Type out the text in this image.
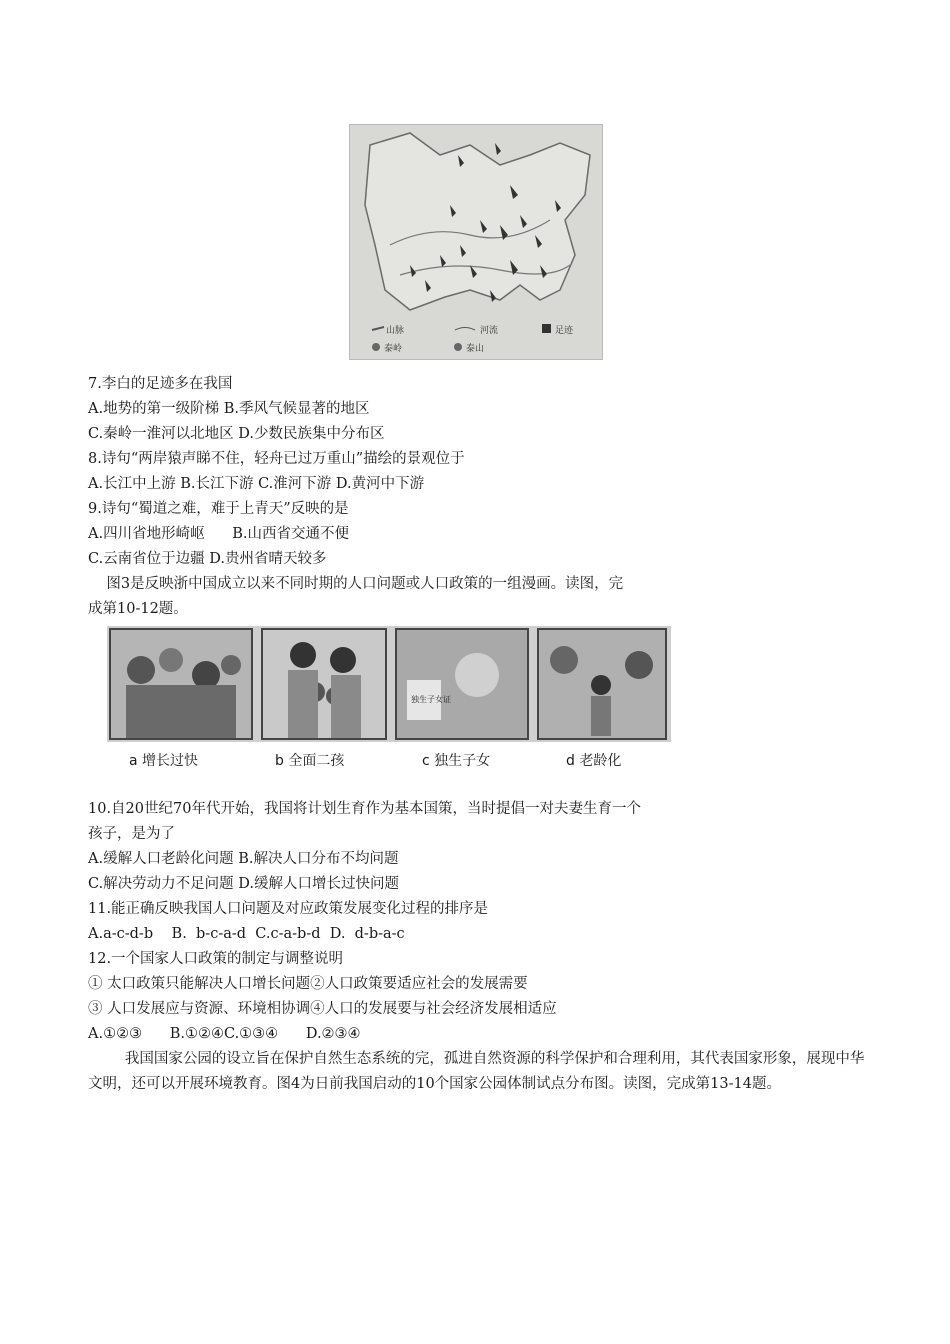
山脉	河流	足迹
泰岭	泰山
7.李白的足迹多在我国
A.地势的第一级阶梯 B.季风气候显著的地区
C.秦岭一淮河以北地区 D.少数民族集中分布区
8.诗句“两岸猿声睇不住，轻舟已过万重山”描绘的景观位于
A.长江中上游 B.长江下游 C.淮河下游 D.黄河中下游
9.诗句“蜀道之难，难于上青天”反映的是
A.四川省地形崎岖      B.山西省交通不便
C.云南省位于边疆 D.贵州省晴天较多
图3是反映浙中国成立以来不同时期的人口问题或人口政策的一组漫画。读图，完
成第10-12题。
独生子女证
a 增长过快	b 全面二孩	c 独生子女	d 老龄化
10.自20世纪70年代开始，我国将计划生育作为基本国策，当时提倡一对夫妻生育一个
孩子，是为了
A.缓解人口老龄化问题 B.解决人口分布不均问题
C.解决劳动力不足问题 D.缓解人口增长过快问题
11.能正确反映我国人口问题及对应政策发展变化过程的排序是
A.a-c-d-b    B.  b-c-a-d  C.c-a-b-d  D.  d-b-a-c
12.一个国家人口政策的制定与调整说明
① 太口政策只能解决人口增长问题②人口政策要适应社会的发展需要
③ 人口发展应与资源、环境相协调④人口的发展要与社会经济发展相适应
A.①②③      B.①②④C.①③④      D.②③④
我国国家公园的设立旨在保护自然生态系统的完，孤进自然资源的科学保护和合理利用，其代表国家形象，展现中华文明，还可以开展环境教育。图4为日前我国启动的10个国家公园体制试点分布图。读图，完成第13-14题。
